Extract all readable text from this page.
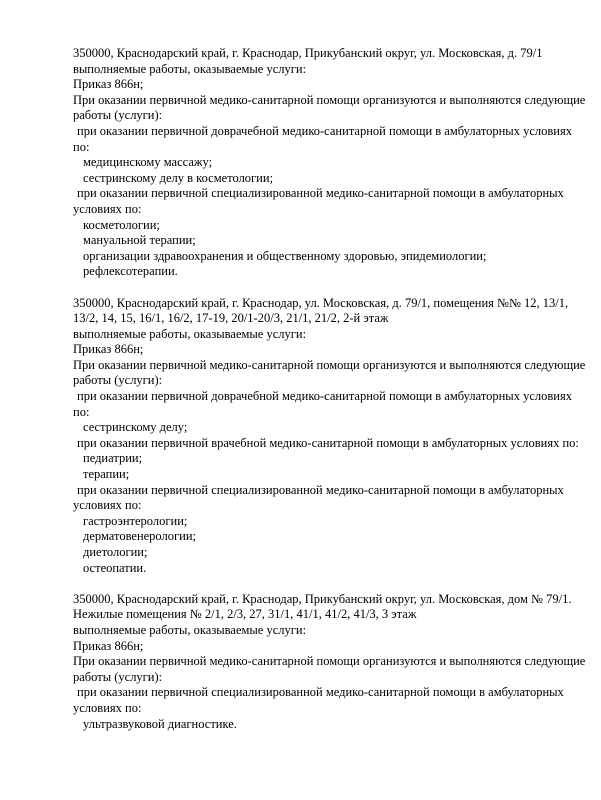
350000, Краснодарский край, г. Краснодар, Прикубанский округ, ул. Московская, д. 79/1
выполняемые работы, оказываемые услуги:
Приказ 866н;
При оказании первичной медико-санитарной помощи организуются и выполняются следующие
работы (услуги):
при оказании первичной доврачебной медико-санитарной помощи в амбулаторных условиях
по:
медицинскому массажу;
сестринскому делу в косметологии;
при оказании первичной специализированной медико-санитарной помощи в амбулаторных
условиях по:
косметологии;
мануальной терапии;
организации здравоохранения и общественному здоровью, эпидемиологии;
рефлексотерапии.
350000, Краснодарский край, г. Краснодар, ул. Московская, д. 79/1, помещения №№ 12, 13/1,
13/2, 14, 15, 16/1, 16/2, 17-19, 20/1-20/3, 21/1, 21/2, 2-й этаж
выполняемые работы, оказываемые услуги:
Приказ 866н;
При оказании первичной медико-санитарной помощи организуются и выполняются следующие
работы (услуги):
при оказании первичной доврачебной медико-санитарной помощи в амбулаторных условиях
по:
сестринскому делу;
при оказании первичной врачебной медико-санитарной помощи в амбулаторных условиях по:
педиатрии;
терапии;
при оказании первичной специализированной медико-санитарной помощи в амбулаторных
условиях по:
гастроэнтерологии;
дерматовенерологии;
диетологии;
остеопатии.
350000, Краснодарский край, г. Краснодар, Прикубанский округ, ул. Московская, дом № 79/1.
Нежилые помещения № 2/1, 2/3, 27, 31/1, 41/1, 41/2, 41/3, 3 этаж
выполняемые работы, оказываемые услуги:
Приказ 866н;
При оказании первичной медико-санитарной помощи организуются и выполняются следующие
работы (услуги):
при оказании первичной специализированной медико-санитарной помощи в амбулаторных
условиях по:
ультразвуковой диагностике.
